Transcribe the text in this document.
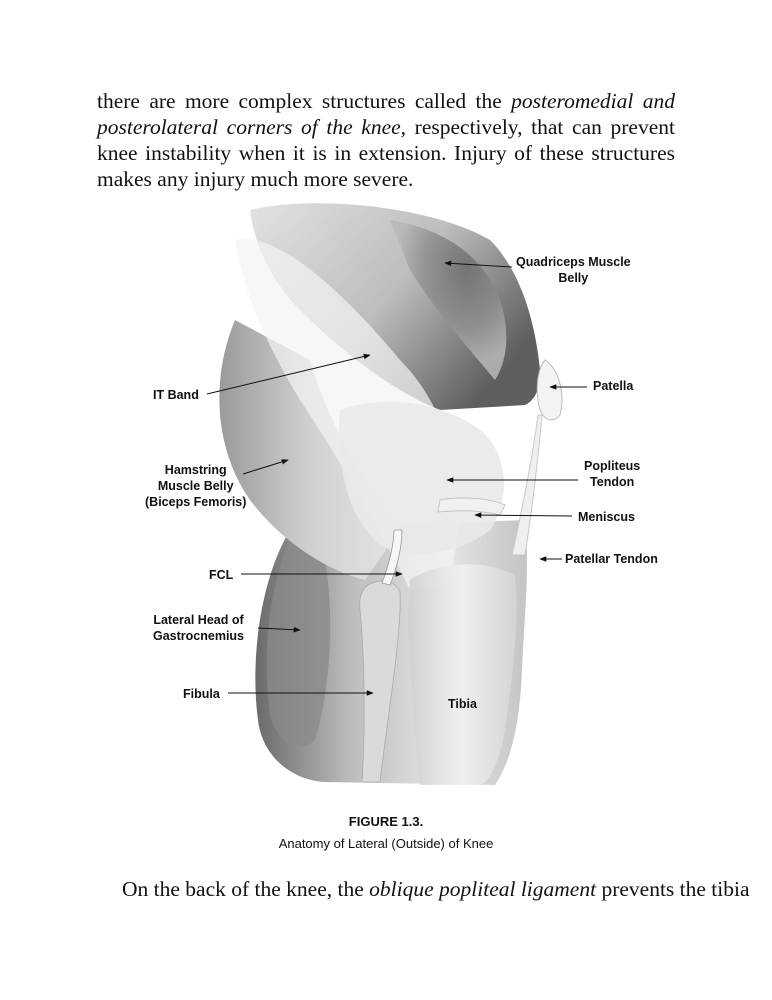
there are more complex structures called the posteromedial and posterolateral corners of the knee, respectively, that can prevent knee instability when it is in extension. Injury of these structures makes any injury much more severe.
Quadriceps Muscle
Belly
Patella
IT Band
Hamstring
Muscle Belly
(Biceps Femoris)
Popliteus
Tendon
Meniscus
Patellar Tendon
FCL
Lateral Head of
Gastrocnemius
Fibula
Tibia
FIGURE 1.3.
Anatomy of Lateral (Outside) of Knee
On the back of the knee, the oblique popliteal ligament prevents the tibia
